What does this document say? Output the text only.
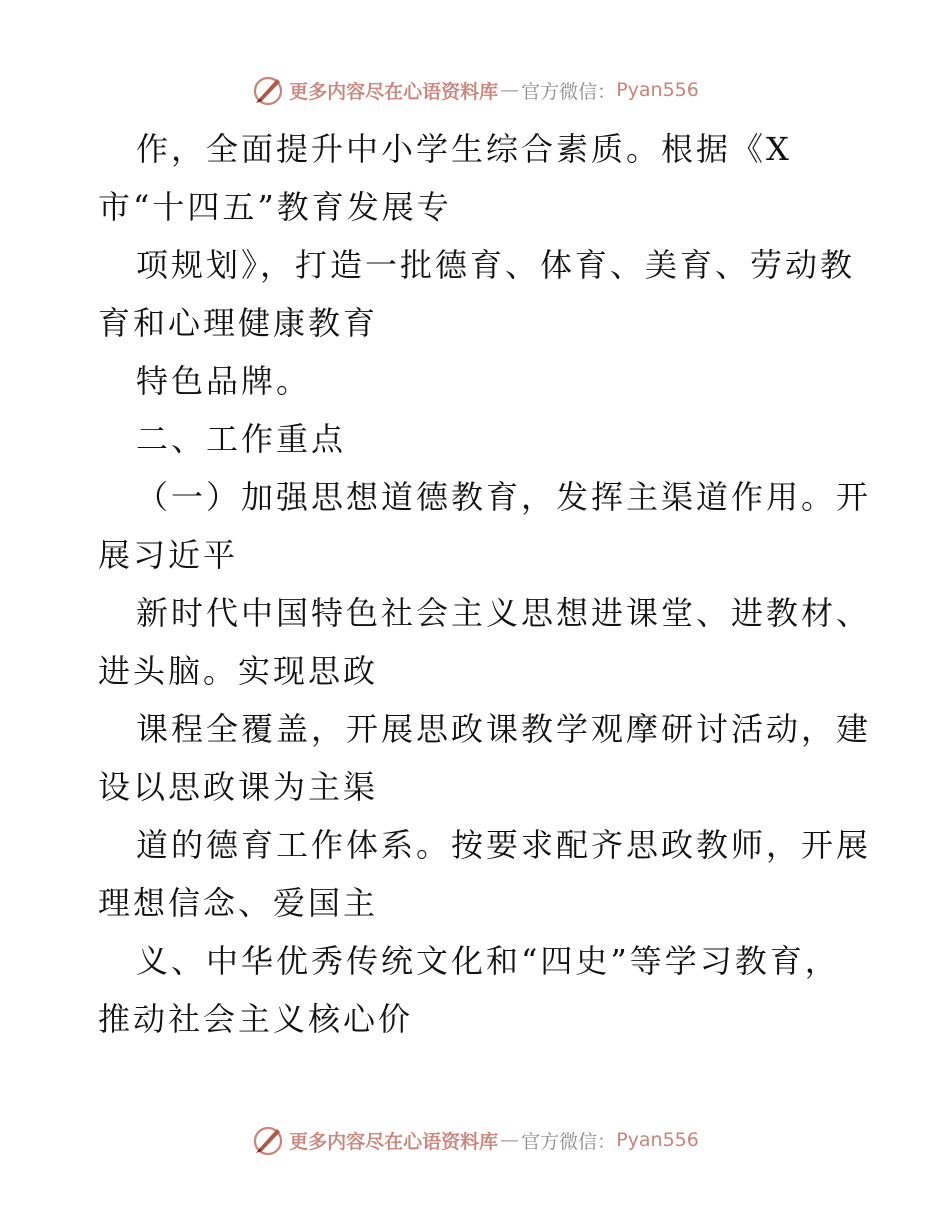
更多内容尽在心语资料库 — 官方微信： Pyan556
作，全面提升中小学生综合素质。根据《X
市“十四五”教育发展专
项规划》，打造一批德育、体育、美育、劳动教
育和心理健康教育
特色品牌。
二、工作重点
（一）加强思想道德教育，发挥主渠道作用。开
展习近平
新时代中国特色社会主义思想进课堂、进教材、
进头脑。实现思政
课程全覆盖，开展思政课教学观摩研讨活动，建
设以思政课为主渠
道的德育工作体系。按要求配齐思政教师，开展
理想信念、爱国主
义、中华优秀传统文化和“四史”等学习教育，
推动社会主义核心价
更多内容尽在心语资料库 — 官方微信： Pyan556
